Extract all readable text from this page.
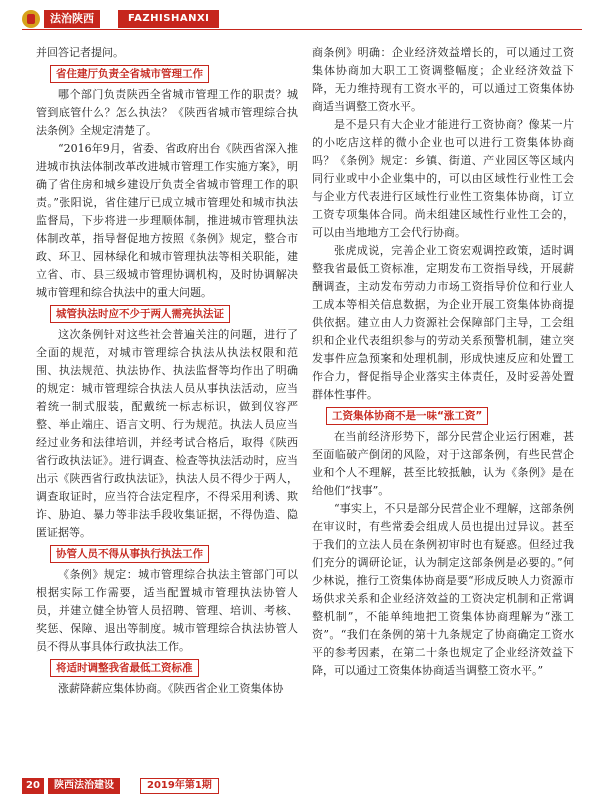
法治陕西	FAZHISHANXI

并回答记者提问。

省住建厅负责全省城市管理工作

哪个部门负责陕西全省城市管理工作的职责？城管到底管什么？怎么执法？《陕西省城市管理综合执法条例》全规定清楚了。

“2016年9月，省委、省政府出台《陕西省深入推进城市执法体制改革改进城市管理工作实施方案》，明确了省住房和城乡建设厅负责全省城市管理工作的职责。”张阳说，省住建厅已成立城市管理处和城市执法监督局，下步将进一步理顺体制，推进城市管理执法体制改革，指导督促地方按照《条例》规定，整合市政、环卫、园林绿化和城市管理执法等相关职能，建立省、市、县三级城市管理协调机构，及时协调解决城市管理和综合执法中的重大问题。

城管执法时应不少于两人需亮执法证

这次条例针对这些社会普遍关注的问题，进行了全面的规范，对城市管理综合执法从执法权限和范围、执法规范、执法协作、执法监督等均作出了明确的规定：城市管理综合执法人员从事执法活动，应当着统一制式服装，配戴统一标志标识，做到仪容严整、举止端庄、语言文明、行为规范。执法人员应当经过业务和法律培训，并经考试合格后，取得《陕西省行政执法证》。进行调查、检查等执法活动时，应当出示《陕西省行政执法证》，执法人员不得少于两人，调查取证时，应当符合法定程序，不得采用利诱、欺诈、胁迫、暴力等非法手段收集证据，不得伪造、隐匿证据等。

协管人员不得从事执行执法工作

《条例》规定：城市管理综合执法主管部门可以根据实际工作需要，适当配置城市管理执法协管人员，并建立健全协管人员招聘、管理、培训、考核、奖惩、保障、退出等制度。城市管理综合执法协管人员不得从事具体行政执法工作。

将适时调整我省最低工资标准

涨薪降薪应集体协商。《陕西省企业工资集体协

商条例》明确：企业经济效益增长的，可以通过工资集体协商加大职工工资调整幅度；企业经济效益下降，无力维持现有工资水平的，可以通过工资集体协商适当调整工资水平。

是不是只有大企业才能进行工资协商？像某一片的小吃店这样的微小企业也可以进行工资集体协商吗？《条例》规定：乡镇、街道、产业园区等区域内同行业或中小企业集中的，可以由区域性行业性工会与企业方代表进行区域性行业性工资集体协商，订立工资专项集体合同。尚未组建区域性行业性工会的，可以由当地地方工会代行协商。

张虎成说，完善企业工资宏观调控政策，适时调整我省最低工资标准，定期发布工资指导线，开展薪酬调查，主动发布劳动力市场工资指导价位和行业人工成本等相关信息数据，为企业开展工资集体协商提供依据。建立由人力资源社会保障部门主导，工会组织和企业代表组织参与的劳动关系预警机制，建立突发事件应急预案和处理机制，形成快速反应和处置工作合力，督促指导企业落实主体责任，及时妥善处置群体性事件。

工资集体协商不是一味“涨工资”

在当前经济形势下，部分民营企业运行困难，甚至面临破产倒闭的风险，对于这部条例，有些民营企业和个人不理解，甚至比较抵触，认为《条例》是在给他们“找事”。

“事实上，不只是部分民营企业不理解，这部条例在审议时，有些常委会组成人员也提出过异议。甚至于我们的立法人员在条例初审时也有疑惑。但经过我们充分的调研论证，认为制定这部条例是必要的。”何少林说，推行工资集体协商是要“形成反映人力资源市场供求关系和企业经济效益的工资决定机制和正常调整机制”，不能单纯地把工资集体协商理解为“涨工资”。“我们在条例的第十九条规定了协商确定工资水平的参考因素，在第二十条也规定了企业经济效益下降，可以通过工资集体协商适当调整工资水平。”

20	陕西法治建设	2019年第1期
